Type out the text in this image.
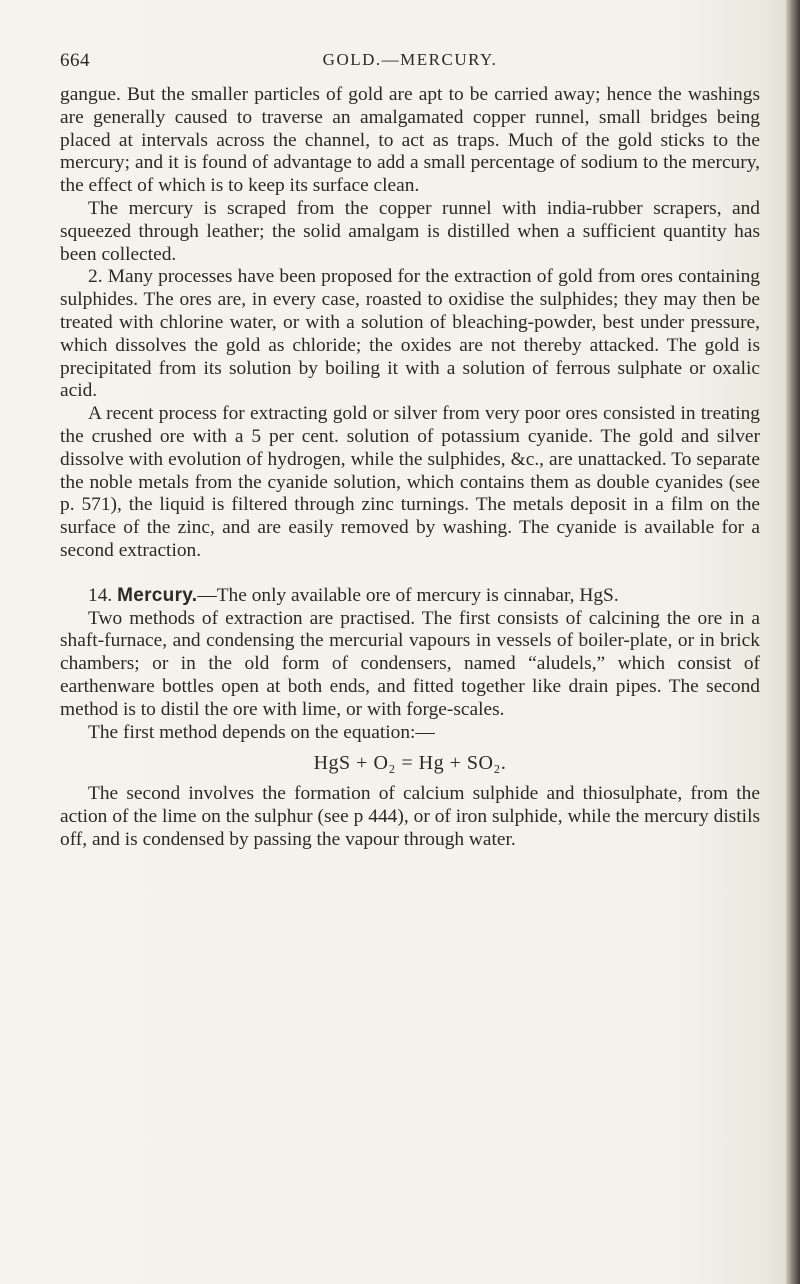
664	GOLD.—MERCURY.

gangue. But the smaller particles of gold are apt to be carried away; hence the washings are generally caused to traverse an amalgamated copper runnel, small bridges being placed at intervals across the channel, to act as traps. Much of the gold sticks to the mercury; and it is found of advantage to add a small percentage of sodium to the mercury, the effect of which is to keep its surface clean.

The mercury is scraped from the copper runnel with india-rubber scrapers, and squeezed through leather; the solid amalgam is distilled when a sufficient quantity has been collected.

2. Many processes have been proposed for the extraction of gold from ores containing sulphides. The ores are, in every case, roasted to oxidise the sulphides; they may then be treated with chlorine water, or with a solution of bleaching-powder, best under pressure, which dissolves the gold as chloride; the oxides are not thereby attacked. The gold is precipitated from its solution by boiling it with a solution of ferrous sulphate or oxalic acid.

A recent process for extracting gold or silver from very poor ores consisted in treating the crushed ore with a 5 per cent. solution of potassium cyanide. The gold and silver dissolve with evolution of hydrogen, while the sulphides, &c., are unattacked. To separate the noble metals from the cyanide solution, which contains them as double cyanides (see p. 571), the liquid is filtered through zinc turnings. The metals deposit in a film on the surface of the zinc, and are easily removed by washing. The cyanide is available for a second extraction.

14. Mercury.—The only available ore of mercury is cinnabar, HgS.

Two methods of extraction are practised. The first consists of calcining the ore in a shaft-furnace, and condensing the mercurial vapours in vessels of boiler-plate, or in brick chambers; or in the old form of condensers, named “aludels,” which consist of earthenware bottles open at both ends, and fitted together like drain pipes. The second method is to distil the ore with lime, or with forge-scales.

The first method depends on the equation:—

HgS + O₂ = Hg + SO₂.

The second involves the formation of calcium sulphide and thiosulphate, from the action of the lime on the sulphur (see p 444), or of iron sulphide, while the mercury distils off, and is condensed by passing the vapour through water.
